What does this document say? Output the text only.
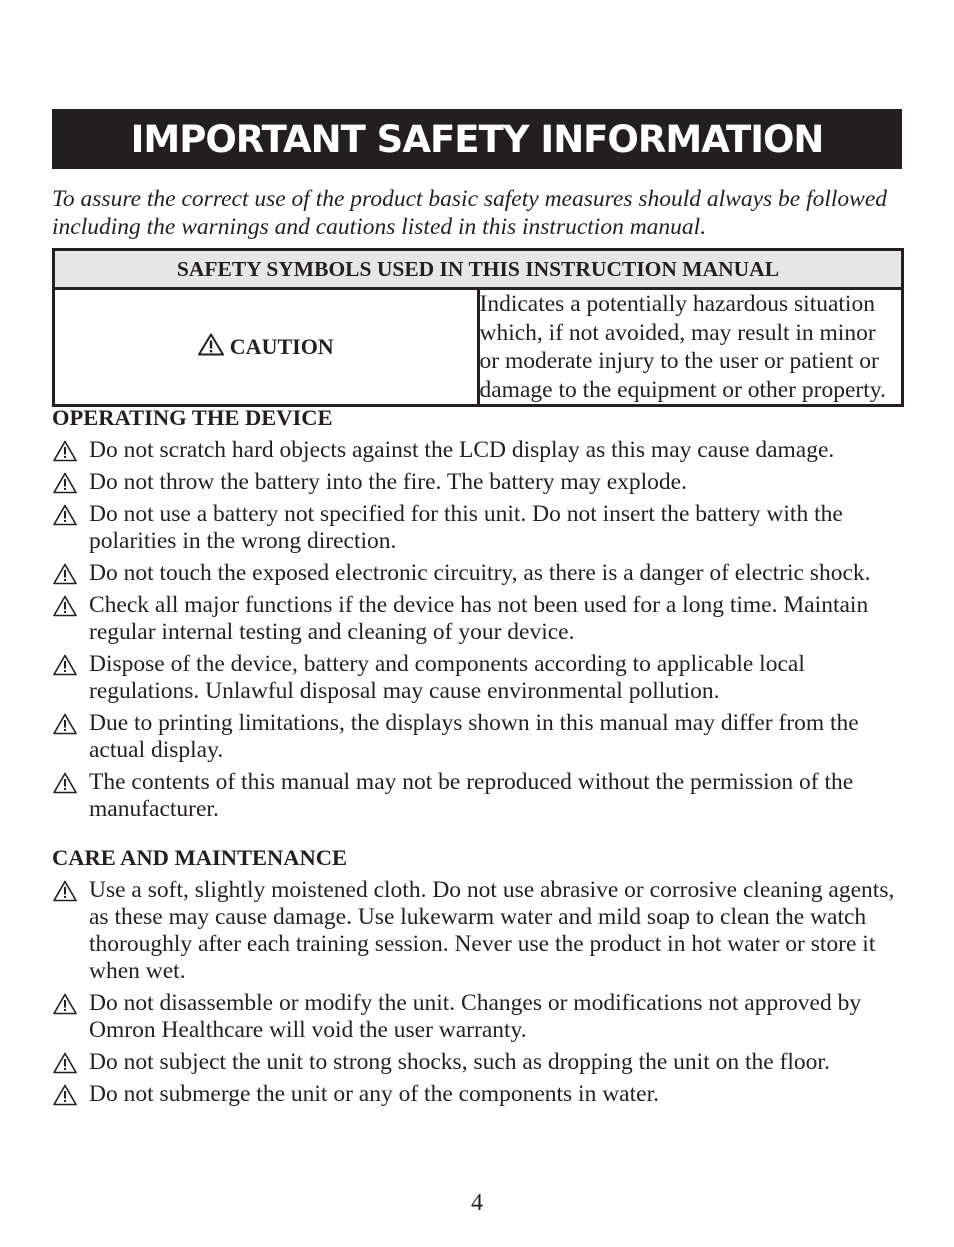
IMPORTANT SAFETY INFORMATION

To assure the correct use of the product basic safety measures should always be followed including the warnings and cautions listed in this instruction manual.

SAFETY SYMBOLS USED IN THIS INSTRUCTION MANUAL
CAUTION	Indicates a potentially hazardous situation which, if not avoided, may result in minor or moderate injury to the user or patient or damage to the equipment or other property.
OPERATING THE DEVICE
Do not scratch hard objects against the LCD display as this may cause damage.
Do not throw the battery into the fire. The battery may explode.
Do not use a battery not specified for this unit. Do not insert the battery with the polarities in the wrong direction.
Do not touch the exposed electronic circuitry, as there is a danger of electric shock.
Check all major functions if the device has not been used for a long time. Maintain regular internal testing and cleaning of your device.
Dispose of the device, battery and components according to applicable local regulations. Unlawful disposal may cause environmental pollution.
Due to printing limitations, the displays shown in this manual may differ from the actual display.
The contents of this manual may not be reproduced without the permission of the manufacturer.
CARE AND MAINTENANCE
Use a soft, slightly moistened cloth. Do not use abrasive or corrosive cleaning agents, as these may cause damage. Use lukewarm water and mild soap to clean the watch thoroughly after each training session. Never use the product in hot water or store it when wet.
Do not disassemble or modify the unit. Changes or modifications not approved by Omron Healthcare will void the user warranty.
Do not subject the unit to strong shocks, such as dropping the unit on the floor.
Do not submerge the unit or any of the components in water.
4
